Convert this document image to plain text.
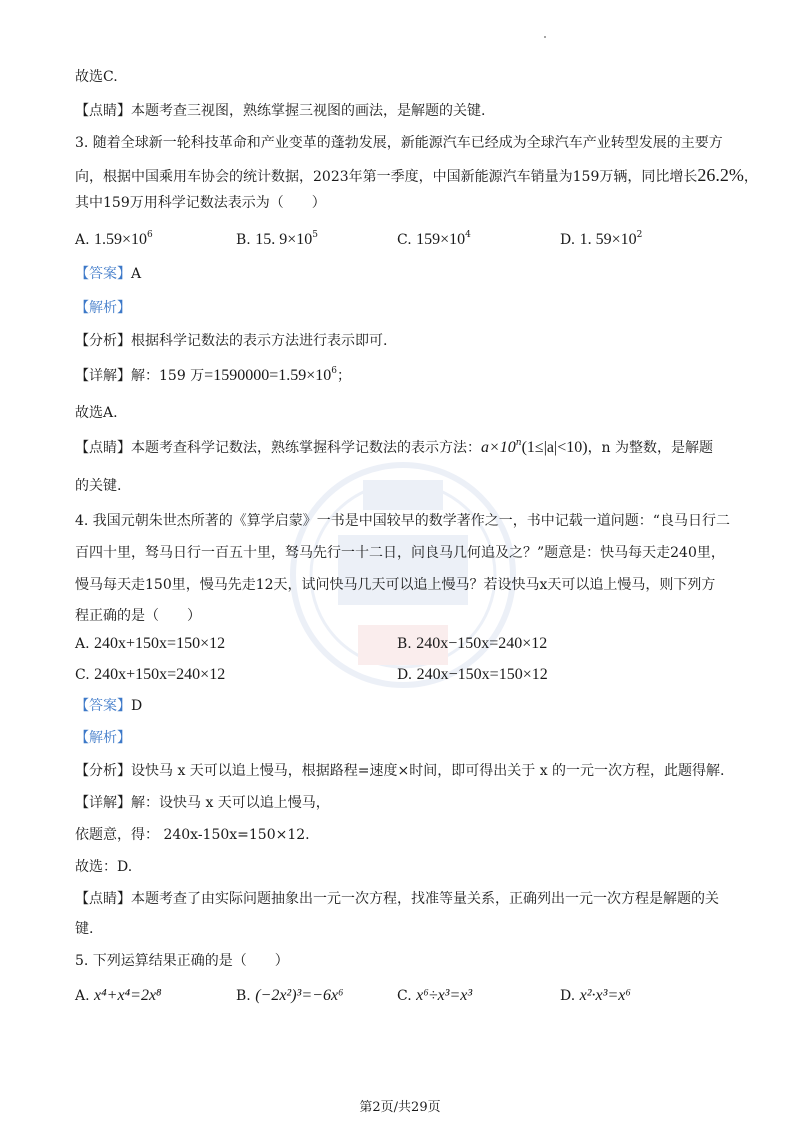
故选C.
【点睛】本题考查三视图，熟练掌握三视图的画法，是解题的关键.
3. 随着全球新一轮科技革命和产业变革的蓬勃发展，新能源汽车已经成为全球汽车产业转型发展的主要方
向，根据中国乘用车协会的统计数据，2023年第一季度，中国新能源汽车销量为159万辆，同比增长26.2%，
其中159万用科学记数法表示为（　　）
A. $1.59\times 10^6$	B. 15. $9\times 10^5$	C. $159\times 10^4$	D. 1. $59\times 10^2$
【答案】A
【解析】
【分析】根据科学记数法的表示方法进行表示即可.
【详解】解：159 万$=1590000=1.59\times 10^6$；
故选A.
【点睛】本题考查科学记数法，熟练掌握科学记数法的表示方法：$a\times 10^n(1\le|a|<10)$，n 为整数，是解题
的关键.
4. 我国元朝朱世杰所著的《算学启蒙》一书是中国较早的数学著作之一，书中记载一道问题：“良马日行二
百四十里，驽马日行一百五十里，驽马先行一十二日，问良马几何追及之？”题意是：快马每天走240里，
慢马每天走150里，慢马先走12天，试问快马几天可以追上慢马？若设快马x天可以追上慢马，则下列方
程正确的是（　　）
A. 240x+150x=150×12	B. 240x−150x=240×12
C. 240x+150x=240×12	D. 240x−150x=150×12
【答案】D
【解析】
【分析】设快马 x 天可以追上慢马，根据路程=速度×时间，即可得出关于 x 的一元一次方程，此题得解.
【详解】解：设快马 x 天可以追上慢马，
依题意，得： 240x-150x=150×12.
故选：D.
【点睛】本题考查了由实际问题抽象出一元一次方程，找准等量关系，正确列出一元一次方程是解题的关
键.
5. 下列运算结果正确的是（　　）
A. x⁴+x⁴=2x⁸	B. (−2x²)³=−6x⁶	C. x⁶÷x³=x³	D. x²·x³=x⁶
第2页/共29页
